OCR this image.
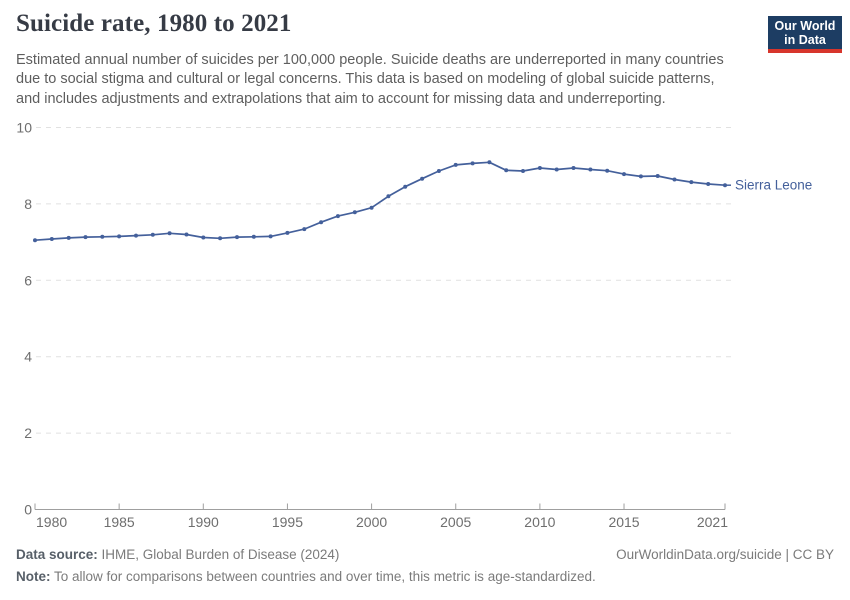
Suicide rate, 1980 to 2021	Our World
in Data

Estimated annual number of suicides per 100,000 people. Suicide deaths are underreported in many countries
due to social stigma and cultural or legal concerns. This data is based on modeling of global suicide patterns,
and includes adjustments and extrapolations that aim to account for missing data and underreporting.

0
2
4
6
8
10
1980	1985	1990	1995	2000	2005	2010	2015	2021
Sierra Leone
Data source: IHME, Global Burden of Disease (2024)	OurWorldinData.org/suicide | CC BY
Note: To allow for comparisons between countries and over time, this metric is age-standardized.
